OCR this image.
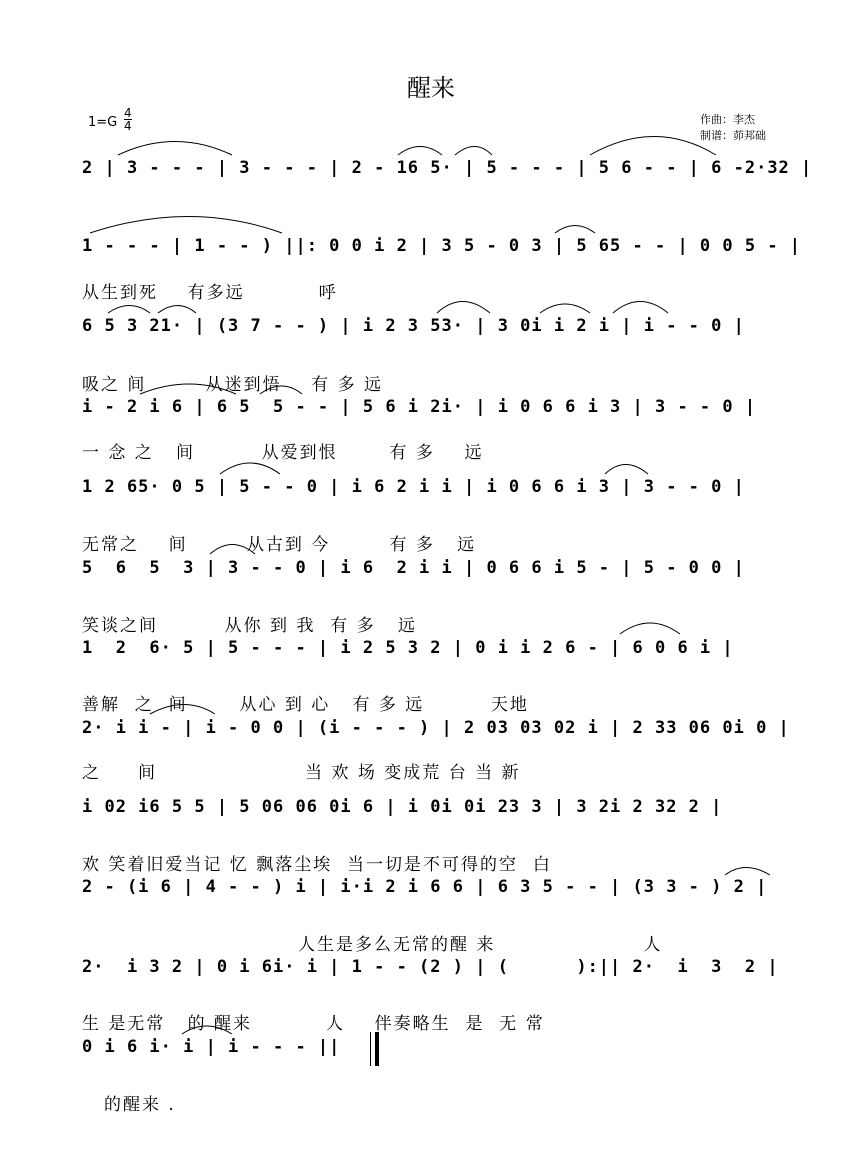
醒来
1=G
4
4	作曲：李杰
制谱：茆邦础
2 | 3 - - - | 3 - - - | 2 - 16 5· | 5 - - - | 5 6 - - | 6 -2·32 |
1 - - - | 1 - - ) ||: 0 0 i 2 | 3 5 - 0 3 | 5 65 - - | 0 0 5 - |
从生到死    有多远          呼
6 5 3 21· | (3 7 - - ) | i 2 3 53· | 3 0i i 2 i | i - - 0 |
吸之 间        从迷到悟    有 多 远
i - 2 i 6 | 6 5  5 - - | 5 6 i 2i· | i 0 6 6 i 3 | 3 - - 0 |
一 念 之   间         从爱到恨       有 多    远
1 2 65· 0 5 | 5 - - 0 | i 6 2 i i | i 0 6 6 i 3 | 3 - - 0 |
无常之    间        从古到 今        有 多   远
5  6  5  3 | 3 - - 0 | i 6  2 i i | 0 6 6 i 5 - | 5 - 0 0 |
笑谈之间         从你 到 我  有 多   远
1  2  6· 5 | 5 - - - | i 2 5 3 2 | 0 i i 2 6 - | 6 0 6 i |
善解  之  间       从心 到 心   有 多 远         天地
2· i i - | i - 0 0 | (i - - - ) | 2 03 03 02 i | 2 33 06 0i 0 |
之     间                    当 欢 场 变成荒 台 当 新
i 02 i6 5 5 | 5 06 06 0i 6 | i 0i 0i 23 3 | 3 2i 2 32 2 |
欢 笑着旧爱当记 忆 飘落尘埃  当一切是不可得的空  白
2 - (i 6 | 4 - - ) i | i·i 2 i 6 6 | 6 3 5 - - | (3 3 - ) 2 |
人生是多么无常的醒 来                    人
2·  i 3 2 | 0 i 6i· i | 1 - - (2 ) | (      ):|| 2·  i  3  2 |
生 是无常   的 醒来          人    伴奏略生  是  无 常
0 i 6 i· i | i - - - ||
的醒来 .
